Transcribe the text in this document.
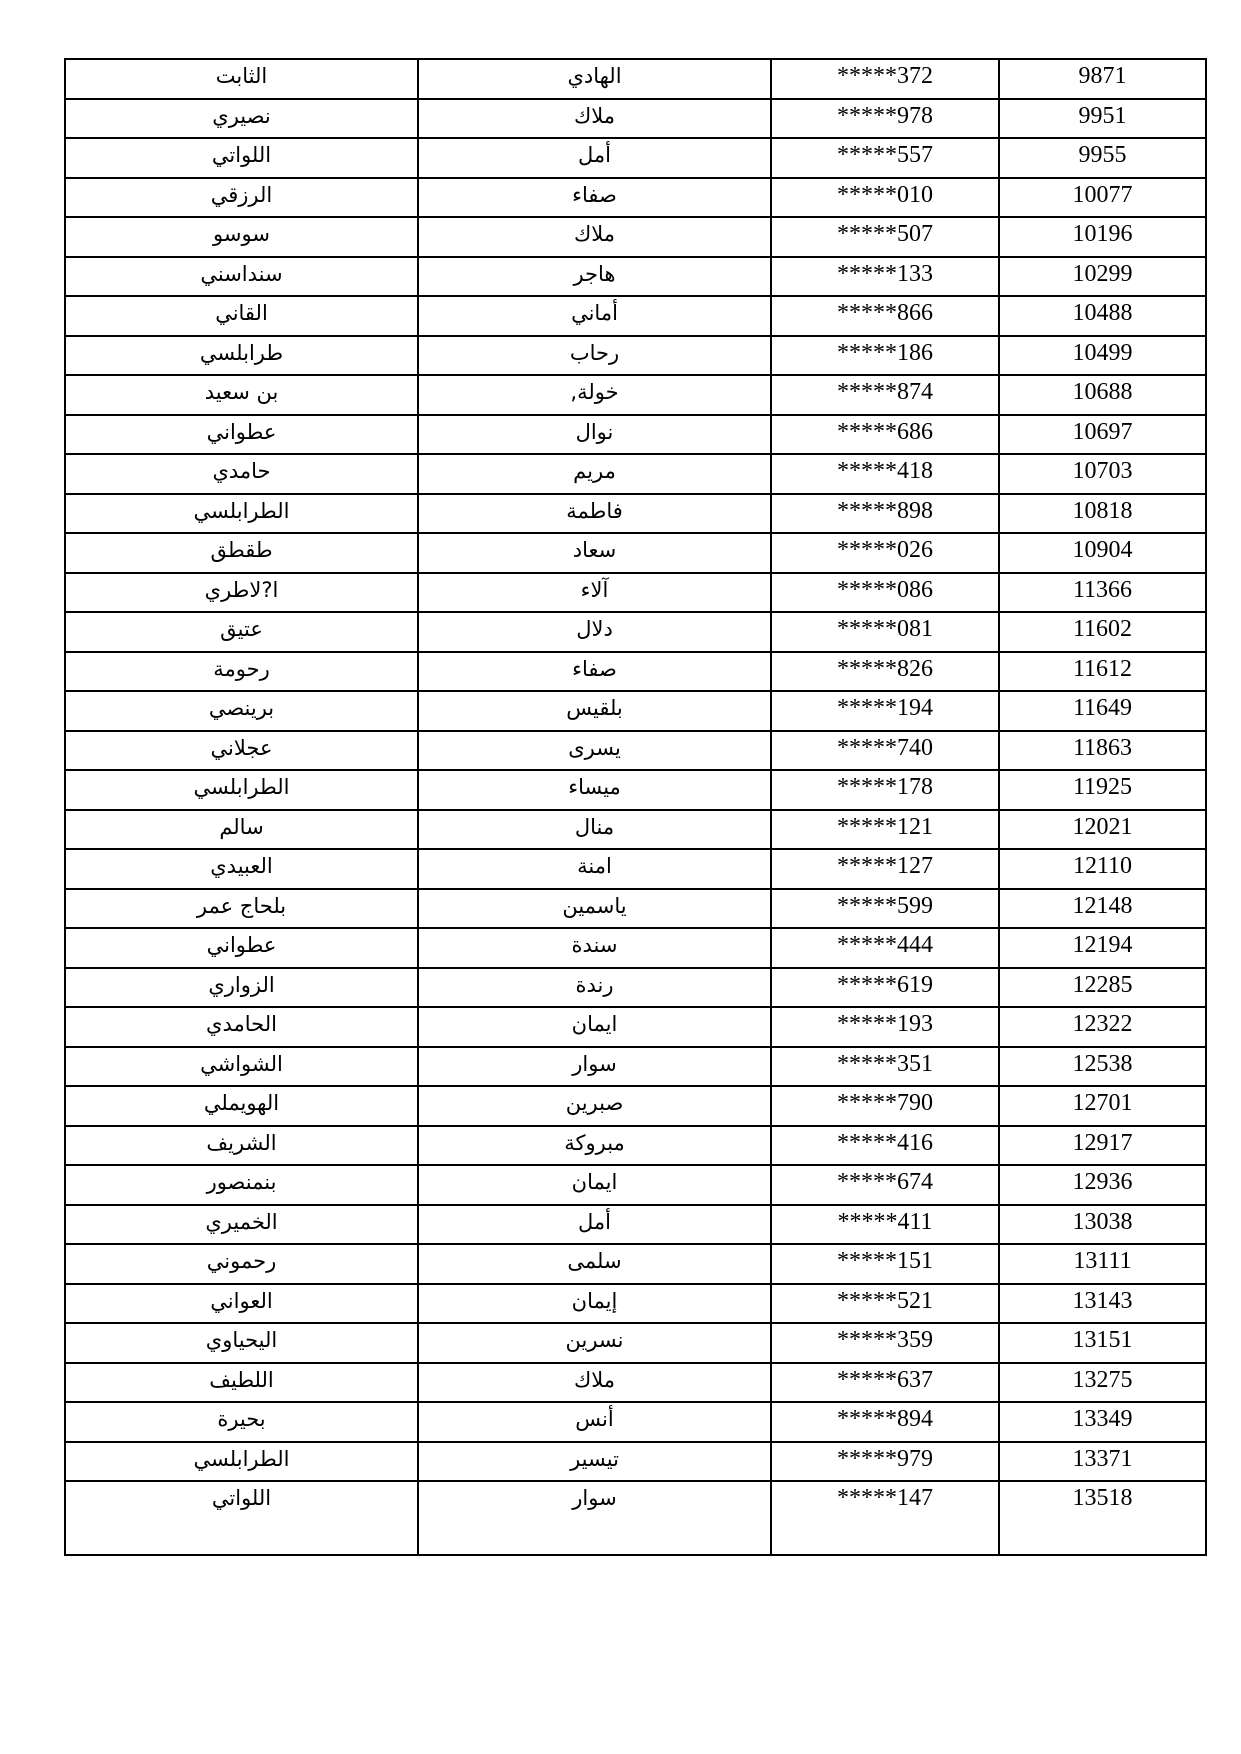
الثابت	الهادي	*****372	9871
نصيري	ملاك	*****978	9951
اللواتي	أمل	*****557	9955
الرزقي	صفاء	*****010	10077
سوسو	ملاك	*****507	10196
سنداسني	هاجر	*****133	10299
القاني	أماني	*****866	10488
طرابلسي	رحاب	*****186	10499
بن سعيد	خولة,	*****874	10688
عطواني	نوال	*****686	10697
حامدي	مريم	*****418	10703
الطرابلسي	فاطمة	*****898	10818
طقطق	سعاد	*****026	10904
ا?لاطري	آلاء	*****086	11366
عتيق	دلال	*****081	11602
رحومة	صفاء	*****826	11612
برينصي	بلقيس	*****194	11649
عجلاني	يسرى	*****740	11863
الطرابلسي	ميساء	*****178	11925
سالم	منال	*****121	12021
العبيدي	امنة	*****127	12110
بلحاج عمر	ياسمين	*****599	12148
عطواني	سندة	*****444	12194
الزواري	رندة	*****619	12285
الحامدي	ايمان	*****193	12322
الشواشي	سوار	*****351	12538
الهويملي	صبرين	*****790	12701
الشريف	مبروكة	*****416	12917
بنمنصور	ايمان	*****674	12936
الخميري	أمل	*****411	13038
رحموني	سلمى	*****151	13111
العواني	إيمان	*****521	13143
اليحياوي	نسرين	*****359	13151
اللطيف	ملاك	*****637	13275
بحيرة	أنس	*****894	13349
الطرابلسي	تيسير	*****979	13371
اللواتي	سوار	*****147	13518
